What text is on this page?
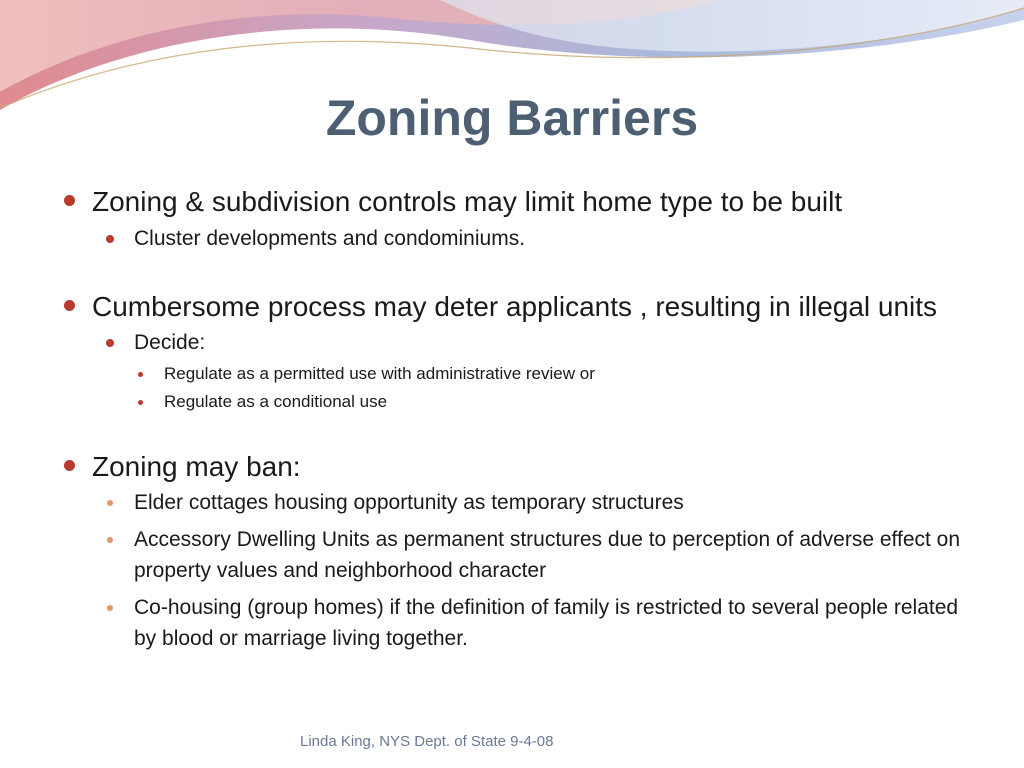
Zoning Barriers
Zoning & subdivision controls may limit home type to be built
Cluster developments and condominiums.
Cumbersome process may deter applicants , resulting in illegal units
Decide:
Regulate as a permitted use with administrative review or
Regulate as a conditional use
Zoning may ban:
Elder cottages housing opportunity as temporary structures
Accessory Dwelling Units as permanent structures due to perception of adverse effect on property values and neighborhood character
Co-housing (group homes) if the definition of family is restricted to several people related by blood or marriage living together.
Linda King, NYS Dept. of State 9-4-08
